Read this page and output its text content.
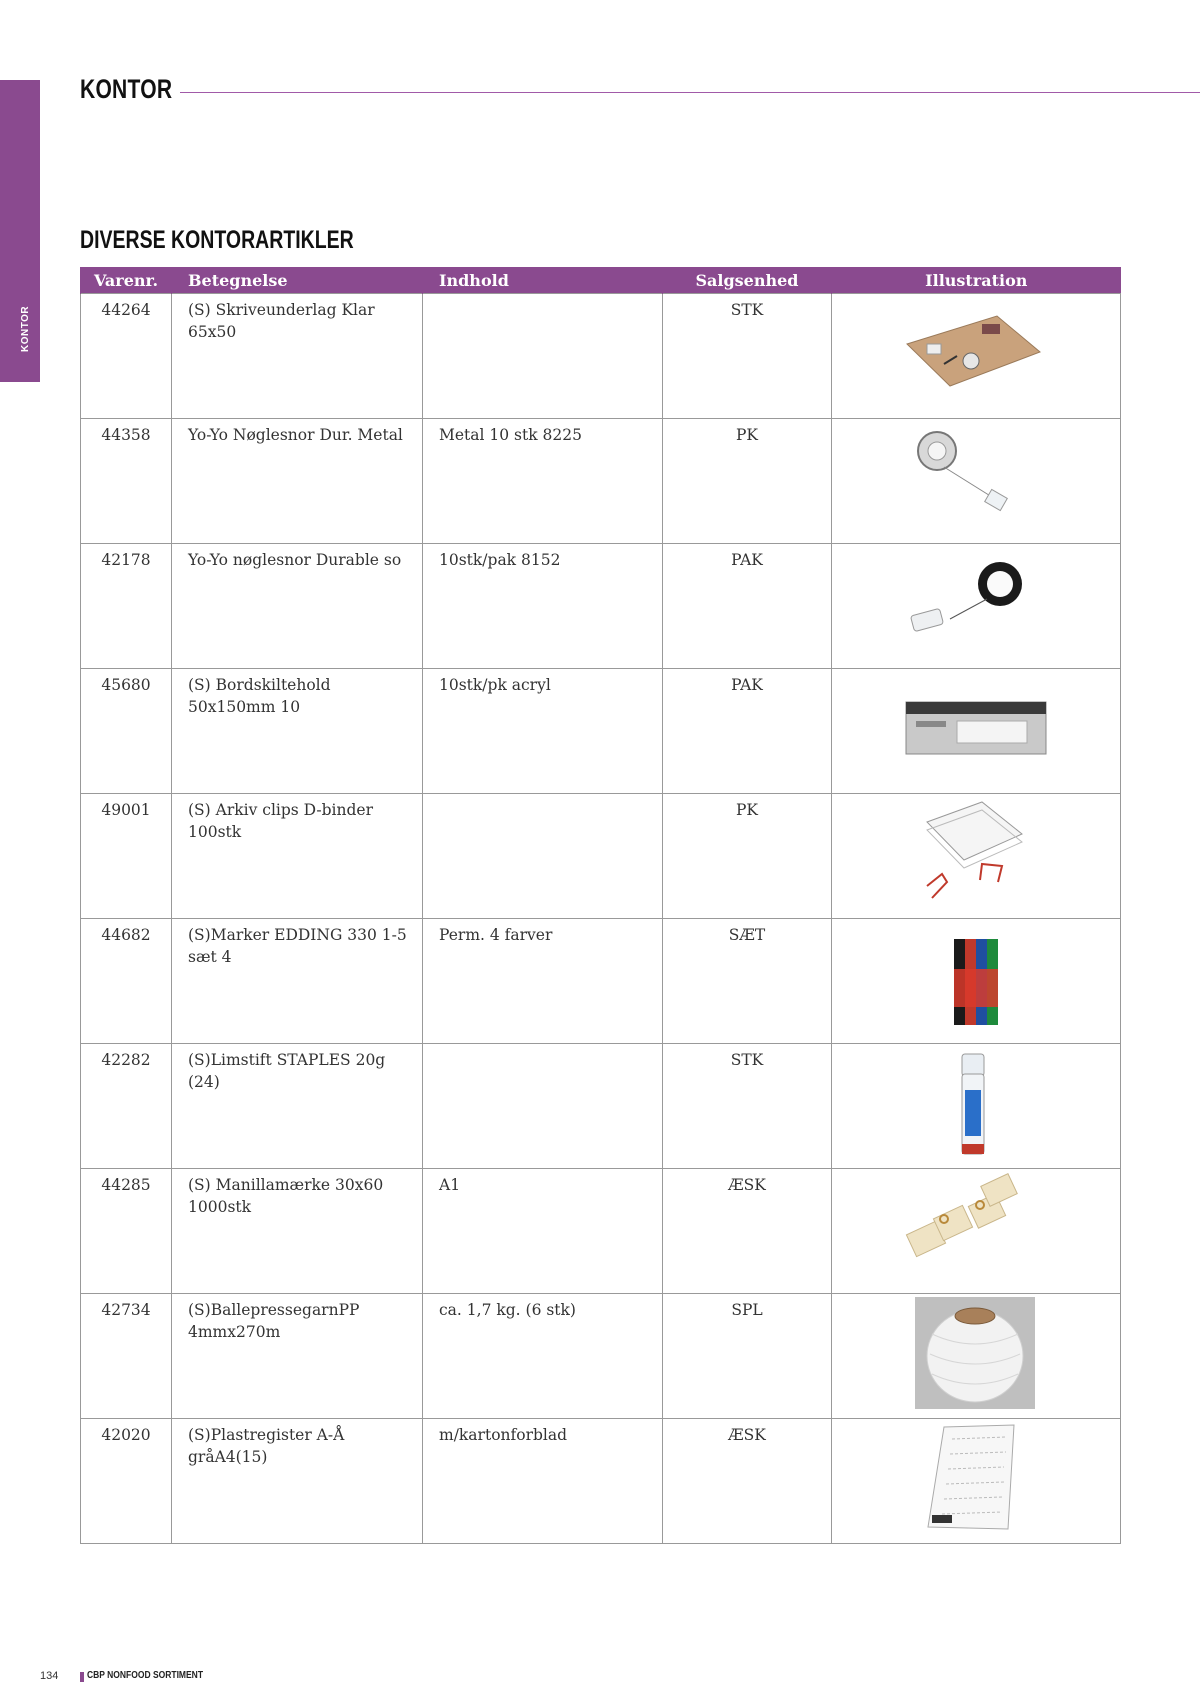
KONTOR
KONTOR
DIVERSE KONTORARTIKLER
Varenr.	Betegnelse	Indhold	Salgsenhed	Illustration
44264	(S) Skriveunderlag Klar 65x50		STK	

44358	Yo-Yo Nøglesnor Dur. Metal	Metal 10 stk 8225	PK	

42178	Yo-Yo nøglesnor Durable so	10stk/pak 8152	PAK	

45680	(S) Bordskiltehold 50x150mm 10	10stk/pk acryl	PAK	

49001	(S) Arkiv clips D-binder 100stk		PK	

44682	(S)Marker EDDING 330 1-5 sæt 4	Perm. 4 farver	SÆT	

42282	(S)Limstift STAPLES 20g (24)		STK	

44285	(S) Manillamærke 30x60 1000stk	A1	ÆSK	

42734	(S)BallepressegarnPP 4mmx270m	ca. 1,7 kg. (6 stk)	SPL	

42020	(S)Plastregister A-Å gråA4(15)	m/kartonforblad	ÆSK	
134	CBP NONFOOD SORTIMENT
